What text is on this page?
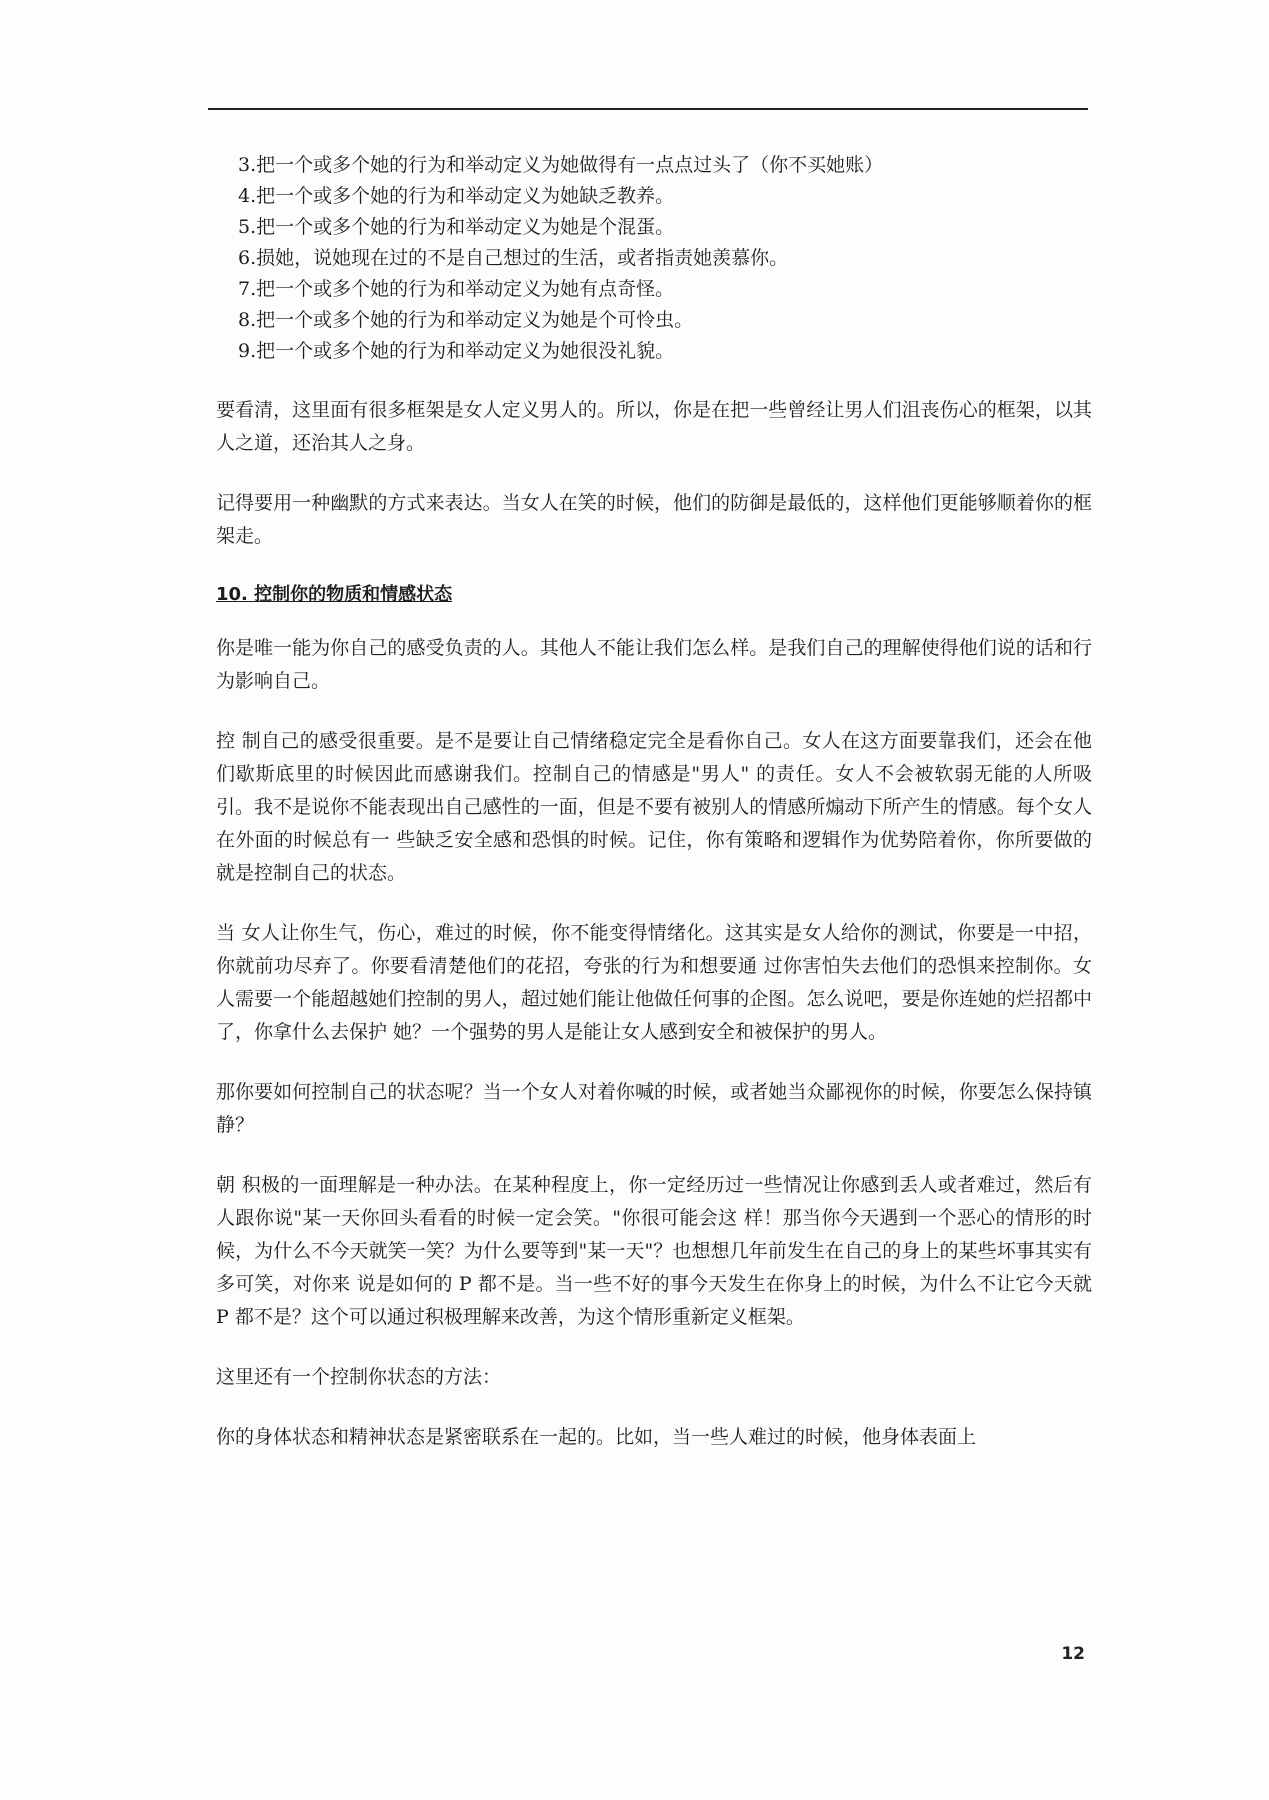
3.把一个或多个她的行为和举动定义为她做得有一点点过头了（你不买她账）
4.把一个或多个她的行为和举动定义为她缺乏教养。
5.把一个或多个她的行为和举动定义为她是个混蛋。
6.损她，说她现在过的不是自己想过的生活，或者指责她羡慕你。
7.把一个或多个她的行为和举动定义为她有点奇怪。
8.把一个或多个她的行为和举动定义为她是个可怜虫。
9.把一个或多个她的行为和举动定义为她很没礼貌。

要看清，这里面有很多框架是女人定义男人的。所以，你是在把一些曾经让男人们沮丧伤心的框架，以其人之道，还治其人之身。

记得要用一种幽默的方式来表达。当女人在笑的时候，他们的防御是最低的，这样他们更能够顺着你的框架走。

10. 控制你的物质和情感状态

你是唯一能为你自己的感受负责的人。其他人不能让我们怎么样。是我们自己的理解使得他们说的话和行为影响自己。

控 制自己的感受很重要。是不是要让自己情绪稳定完全是看你自己。女人在这方面要靠我们，还会在他们歇斯底里的时候因此而感谢我们。控制自己的情感是"男人" 的责任。女人不会被软弱无能的人所吸引。我不是说你不能表现出自己感性的一面，但是不要有被别人的情感所煽动下所产生的情感。每个女人在外面的时候总有一 些缺乏安全感和恐惧的时候。记住，你有策略和逻辑作为优势陪着你，你所要做的就是控制自己的状态。

当 女人让你生气，伤心，难过的时候，你不能变得情绪化。这其实是女人给你的测试，你要是一中招，你就前功尽弃了。你要看清楚他们的花招，夸张的行为和想要通 过你害怕失去他们的恐惧来控制你。女人需要一个能超越她们控制的男人，超过她们能让他做任何事的企图。怎么说吧，要是你连她的烂招都中了，你拿什么去保护 她？一个强势的男人是能让女人感到安全和被保护的男人。

那你要如何控制自己的状态呢？当一个女人对着你喊的时候，或者她当众鄙视你的时候，你要怎么保持镇静？

朝 积极的一面理解是一种办法。在某种程度上，你一定经历过一些情况让你感到丢人或者难过，然后有人跟你说"某一天你回头看看的时候一定会笑。"你很可能会这 样！那当你今天遇到一个恶心的情形的时候，为什么不今天就笑一笑？为什么要等到"某一天"？也想想几年前发生在自己的身上的某些坏事其实有多可笑，对你来 说是如何的 P 都不是。当一些不好的事今天发生在你身上的时候，为什么不让它今天就 P 都不是？这个可以通过积极理解来改善，为这个情形重新定义框架。

这里还有一个控制你状态的方法：

你的身体状态和精神状态是紧密联系在一起的。比如，当一些人难过的时候，他身体表面上

12
